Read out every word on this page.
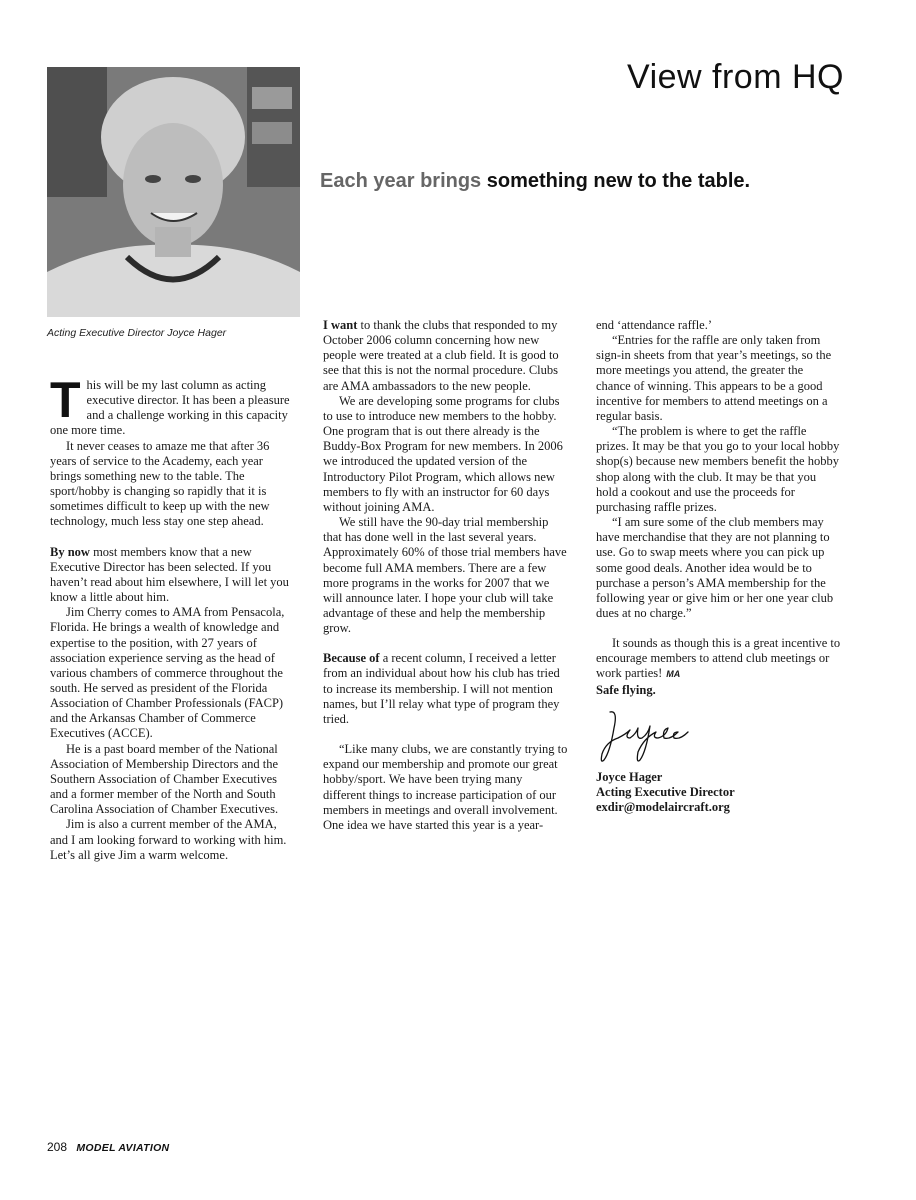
Acting Executive Director Joyce Hager
View from HQ
Each year brings something new to the table.

This will be my last column as acting executive director. It has been a pleasure and a challenge working in this capacity one more time.

It never ceases to amaze me that after 36 years of service to the Academy, each year brings something new to the table. The sport/hobby is changing so rapidly that it is sometimes difficult to keep up with the new technology, much less stay one step ahead.

By now most members know that a new Executive Director has been selected. If you haven’t read about him elsewhere, I will let you know a little about him.

Jim Cherry comes to AMA from Pensacola, Florida. He brings a wealth of knowledge and expertise to the position, with 27 years of association experience serving as the head of various chambers of commerce throughout the south. He served as president of the Florida Association of Chamber Professionals (FACP) and the Arkansas Chamber of Commerce Executives (ACCE).

He is a past board member of the National Association of Membership Directors and the Southern Association of Chamber Executives and a former member of the North and South Carolina Association of Chamber Executives.

Jim is also a current member of the AMA, and I am looking forward to working with him. Let’s all give Jim a warm welcome.

I want to thank the clubs that responded to my October 2006 column concerning how new people were treated at a club field. It is good to see that this is not the normal procedure. Clubs are AMA ambassadors to the new people.

We are developing some programs for clubs to use to introduce new members to the hobby. One program that is out there already is the Buddy-Box Program for new members. In 2006 we introduced the updated version of the Introductory Pilot Program, which allows new members to fly with an instructor for 60 days without joining AMA.

We still have the 90-day trial membership that has done well in the last several years. Approximately 60% of those trial members have become full AMA members. There are a few more programs in the works for 2007 that we will announce later. I hope your club will take advantage of these and help the membership grow.

Because of a recent column, I received a letter from an individual about how his club has tried to increase its membership. I will not mention names, but I’ll relay what type of program they tried.

“Like many clubs, we are constantly trying to expand our membership and promote our great hobby/sport. We have been trying many different things to increase participation of our members in meetings and overall involvement. One idea we have started this year is a year-

end ‘attendance raffle.’

“Entries for the raffle are only taken from sign-in sheets from that year’s meetings, so the more meetings you attend, the greater the chance of winning. This appears to be a good incentive for members to attend meetings on a regular basis.

“The problem is where to get the raffle prizes. It may be that you go to your local hobby shop(s) because new members benefit the hobby shop along with the club. It may be that you hold a cookout and use the proceeds for purchasing raffle prizes.

“I am sure some of the club members may have merchandise that they are not planning to use. Go to swap meets where you can pick up some good deals. Another idea would be to purchase a person’s AMA membership for the following year or give him or her one year club dues at no charge.”

It sounds as though this is a great incentive to encourage members to attend club meetings or work parties! MA

Safe flying.

Joyce Hager
Acting Executive Director
exdir@modelaircraft.org
208 MODEL AVIATION
